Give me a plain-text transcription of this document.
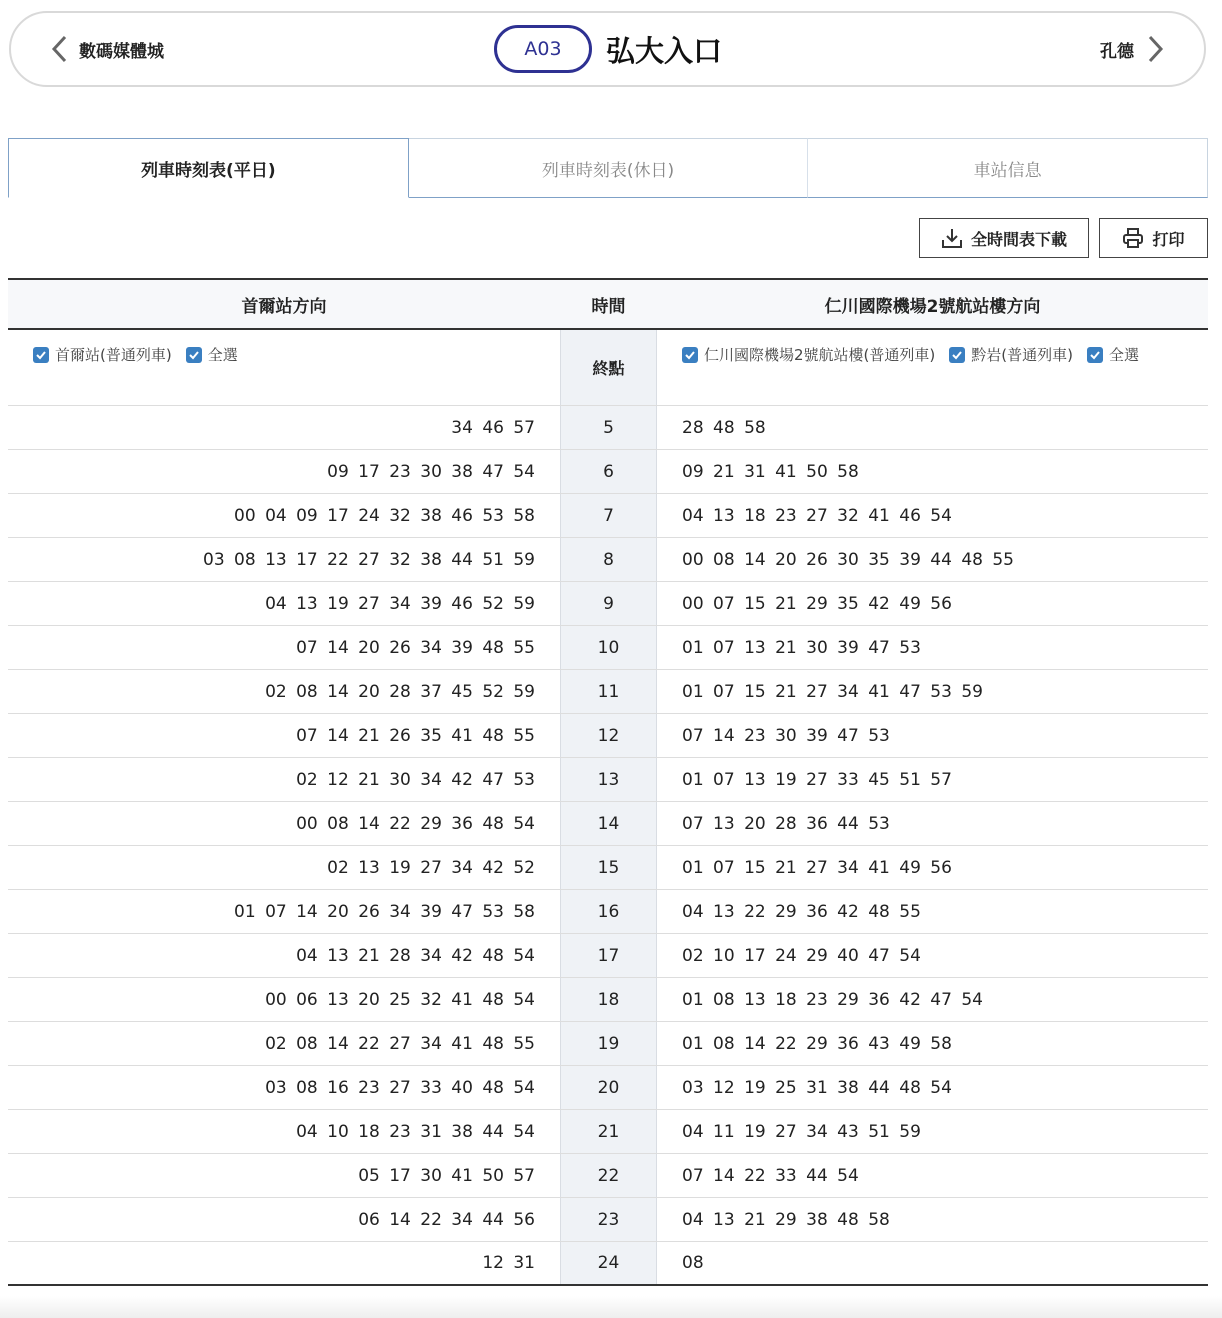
數碼媒體城	A03	弘大入口	孔德
列車時刻表(平日)	列車時刻表(休日)	車站信息
全時間表下載	打印
首爾站方向	時間	仁川國際機場2號航站樓方向
首爾站(普通列車) 全選
終點
仁川國際機場2號航站樓(普通列車) 黔岩(普通列車) 全選
34 46 57	5	28 48 58
09 17 23 30 38 47 54	6	09 21 31 41 50 58
00 04 09 17 24 32 38 46 53 58	7	04 13 18 23 27 32 41 46 54
03 08 13 17 22 27 32 38 44 51 59	8	00 08 14 20 26 30 35 39 44 48 55
04 13 19 27 34 39 46 52 59	9	00 07 15 21 29 35 42 49 56
07 14 20 26 34 39 48 55	10	01 07 13 21 30 39 47 53
02 08 14 20 28 37 45 52 59	11	01 07 15 21 27 34 41 47 53 59
07 14 21 26 35 41 48 55	12	07 14 23 30 39 47 53
02 12 21 30 34 42 47 53	13	01 07 13 19 27 33 45 51 57
00 08 14 22 29 36 48 54	14	07 13 20 28 36 44 53
02 13 19 27 34 42 52	15	01 07 15 21 27 34 41 49 56
01 07 14 20 26 34 39 47 53 58	16	04 13 22 29 36 42 48 55
04 13 21 28 34 42 48 54	17	02 10 17 24 29 40 47 54
00 06 13 20 25 32 41 48 54	18	01 08 13 18 23 29 36 42 47 54
02 08 14 22 27 34 41 48 55	19	01 08 14 22 29 36 43 49 58
03 08 16 23 27 33 40 48 54	20	03 12 19 25 31 38 44 48 54
04 10 18 23 31 38 44 54	21	04 11 19 27 34 43 51 59
05 17 30 41 50 57	22	07 14 22 33 44 54
06 14 22 34 44 56	23	04 13 21 29 38 48 58
12 31	24	08
